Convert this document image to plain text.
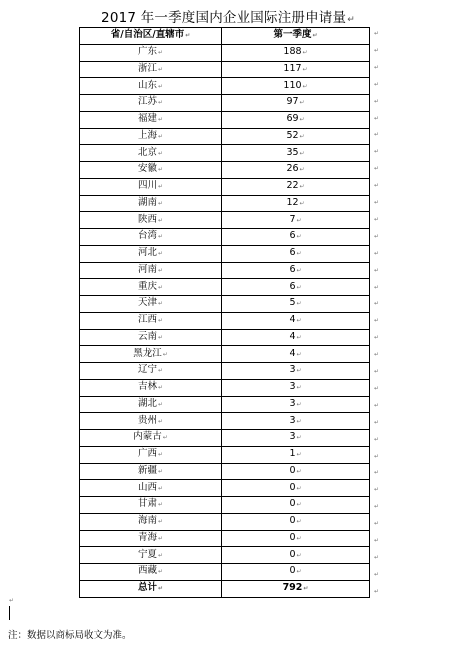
2017 年一季度国内企业国际注册申请量↵
省/自治区/直辖市↵	第一季度↵
广东↵	188↵
浙江↵	117↵
山东↵	110↵
江苏↵	97↵
福建↵	69↵
上海↵	52↵
北京↵	35↵
安徽↵	26↵
四川↵	22↵
湖南↵	12↵
陕西↵	7↵
台湾↵	6↵
河北↵	6↵
河南↵	6↵
重庆↵	6↵
天津↵	5↵
江西↵	4↵
云南↵	4↵
黑龙江↵	4↵
辽宁↵	3↵
吉林↵	3↵
湖北↵	3↵
贵州↵	3↵
内蒙古↵	3↵
广西↵	1↵
新疆↵	0↵
山西↵	0↵
甘肃↵	0↵
海南↵	0↵
青海↵	0↵
宁夏↵	0↵
西藏↵	0↵
总计↵	792↵
↵
↵
↵
↵
↵
↵
↵
↵
↵
↵
↵
↵
↵
↵
↵
↵
↵
↵
↵
↵
↵
↵
↵
↵
↵
↵
↵
↵
↵
↵
↵
↵
↵
↵
↵
注：数据以商标局收文为准。
